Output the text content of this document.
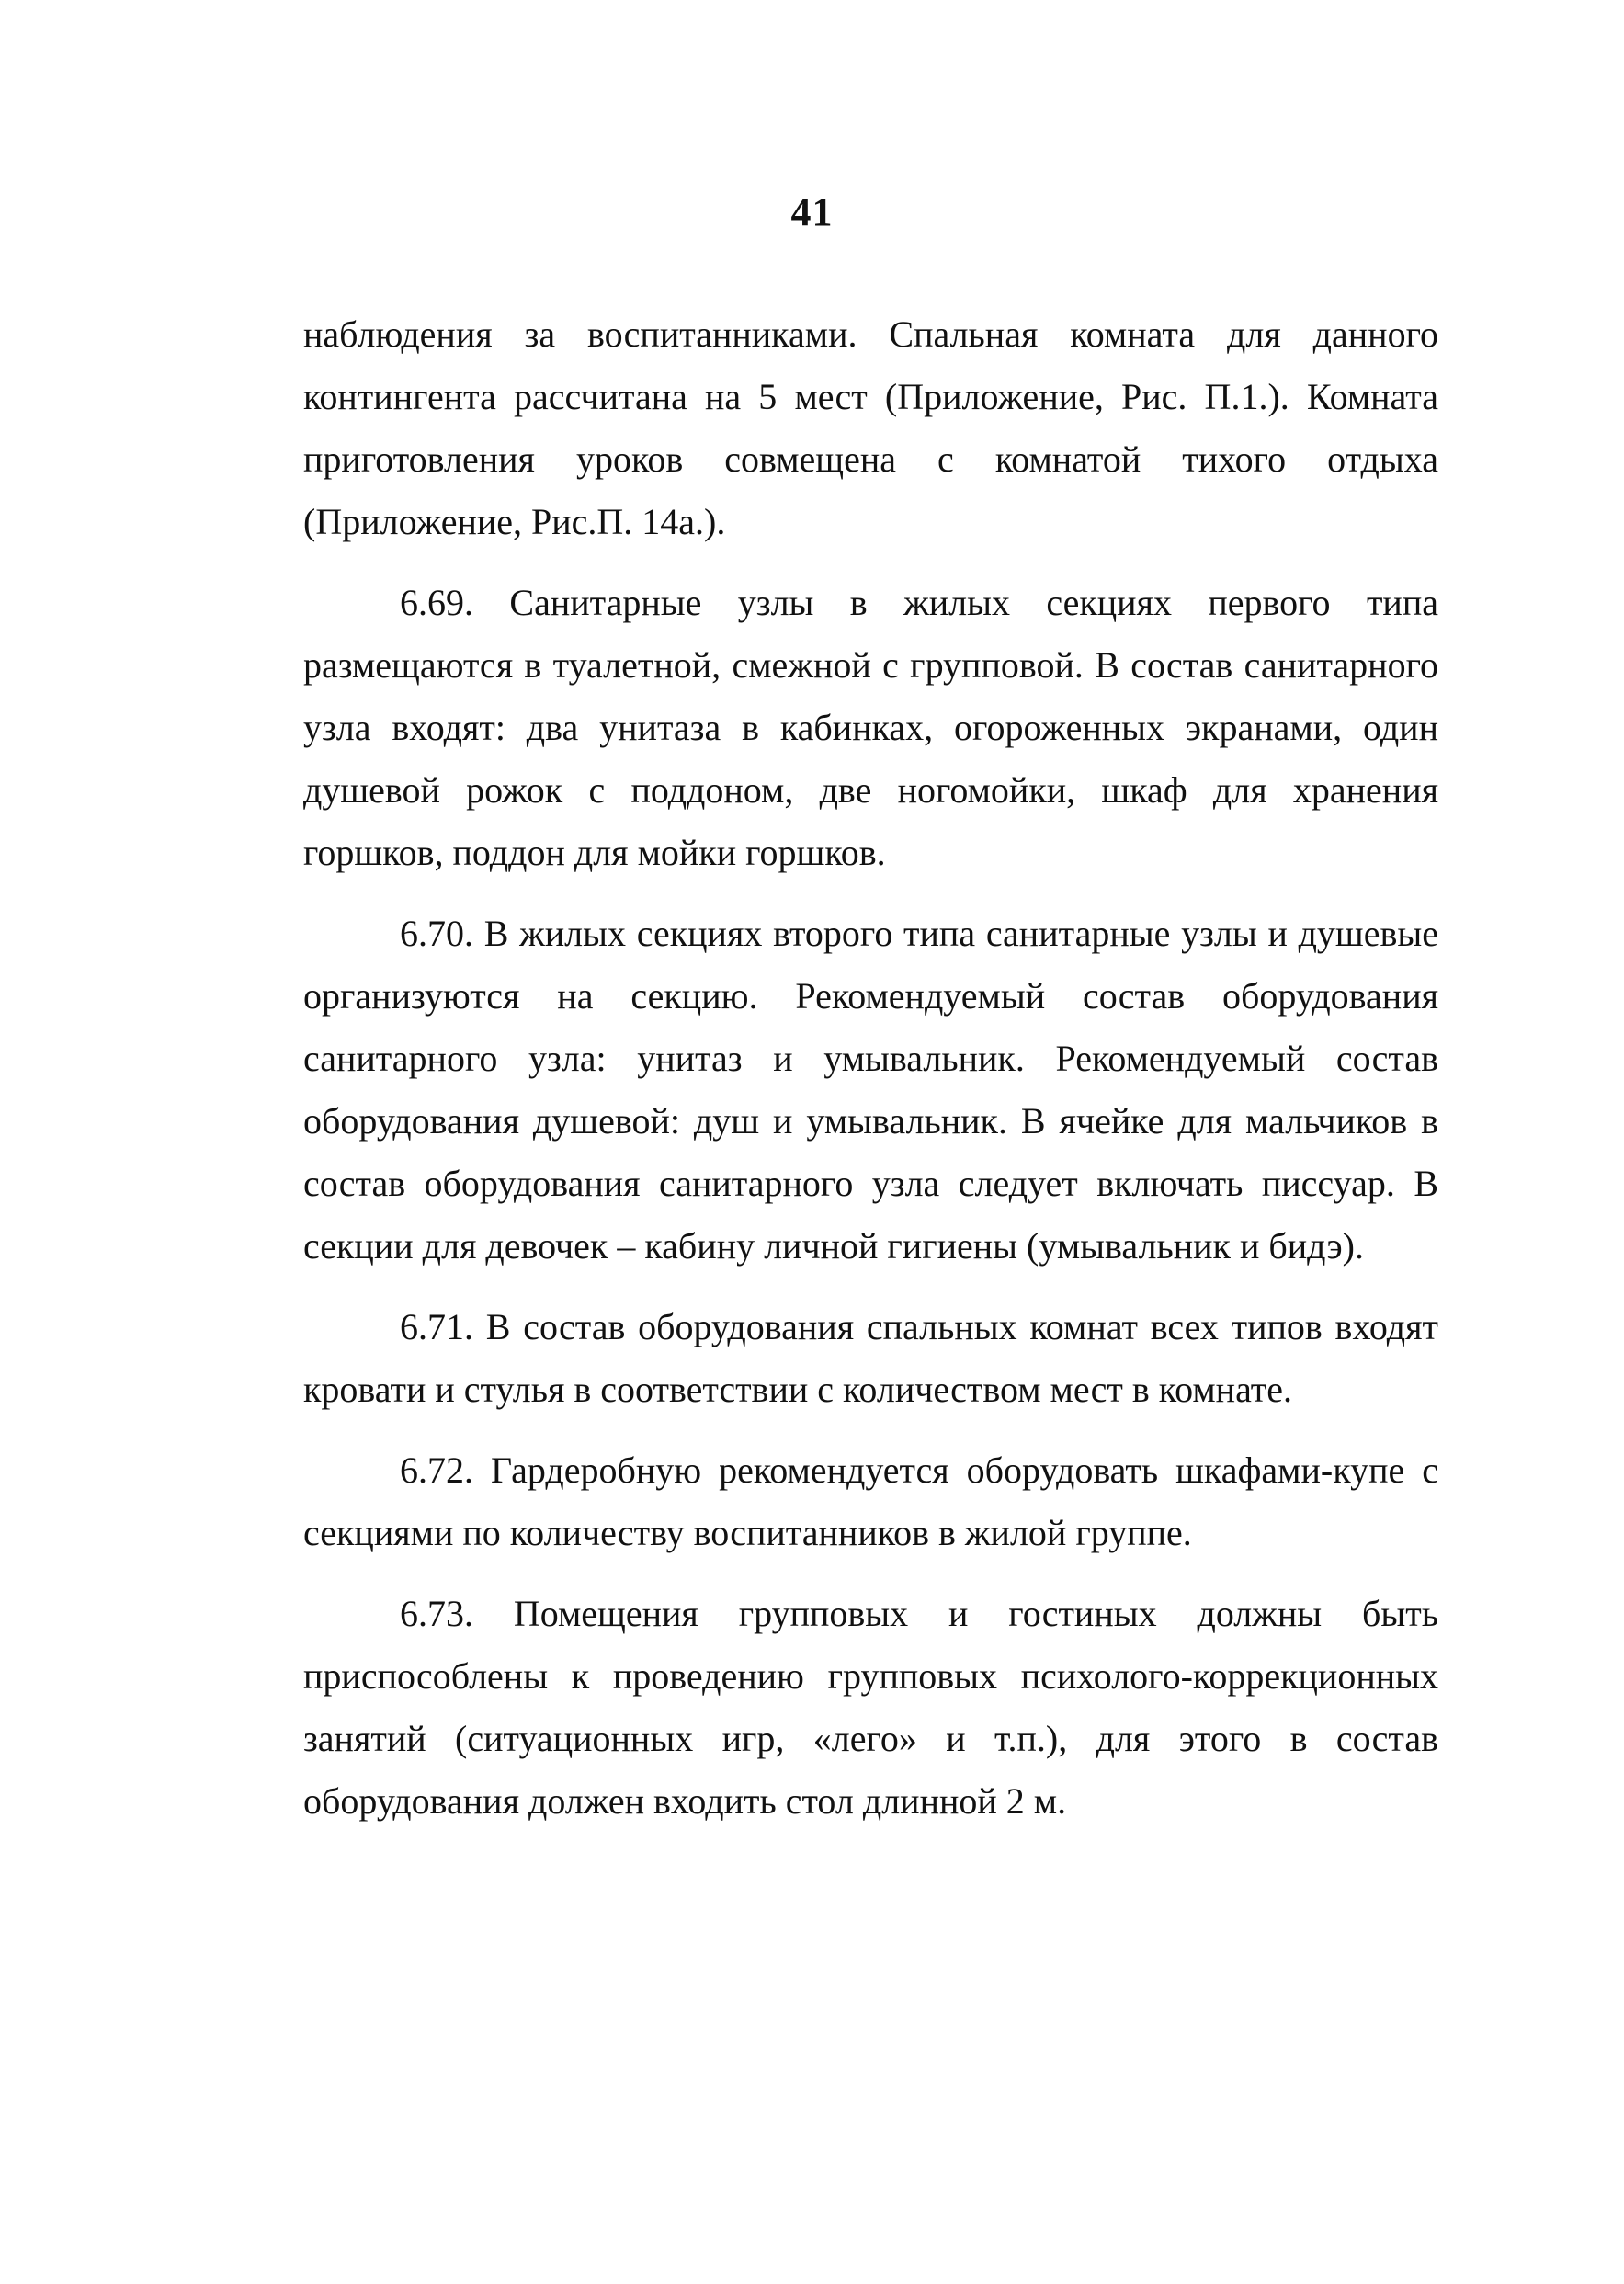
41

наблюдения за воспитанниками. Спальная комната для данного контингента рассчитана на 5 мест (Приложение, Рис. П.1.). Комната приготовления уроков совмещена с комнатой тихого отдыха (Приложение, Рис.П. 14а.).

6.69. Санитарные узлы в жилых секциях первого типа размещаются в туалетной, смежной с групповой. В состав санитарного узла входят: два унитаза в кабинках, огороженных экранами, один душевой рожок с поддоном, две ногомойки, шкаф для хранения горшков, поддон для мойки горшков.

6.70. В жилых секциях второго типа санитарные узлы и душевые организуются на секцию. Рекомендуемый состав оборудования санитарного узла: унитаз и умывальник. Рекомендуемый состав оборудования душевой: душ и умывальник. В ячейке для мальчиков в состав оборудования санитарного узла следует включать писсуар. В секции для девочек – кабину личной гигиены (умывальник и бидэ).

6.71. В состав оборудования спальных комнат всех типов входят кровати и стулья в соответствии с количеством мест в комнате.

6.72. Гардеробную рекомендуется оборудовать шкафами-купе с секциями по количеству воспитанников в жилой группе.

6.73. Помещения групповых и гостиных должны быть приспособлены к проведению групповых психолого-коррекционных занятий (ситуационных игр, «лего» и т.п.), для этого в состав оборудования должен входить стол длинной 2 м.
